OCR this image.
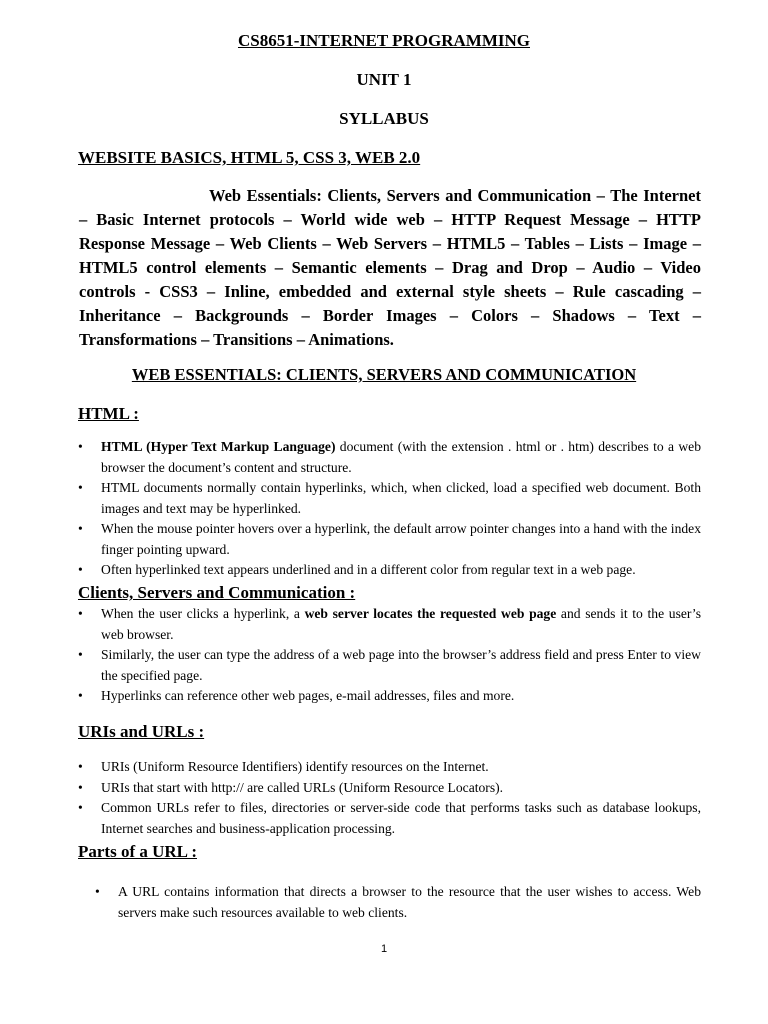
CS8651-INTERNET PROGRAMMING
UNIT 1
SYLLABUS
WEBSITE BASICS, HTML 5, CSS 3, WEB 2.0
Web Essentials: Clients, Servers and Communication – The Internet – Basic Internet protocols – World wide web – HTTP Request Message – HTTP Response Message – Web Clients – Web Servers – HTML5 – Tables – Lists – Image – HTML5 control elements – Semantic elements – Drag and Drop – Audio – Video controls - CSS3 – Inline, embedded and external style sheets – Rule cascading – Inheritance – Backgrounds – Border Images – Colors – Shadows – Text – Transformations – Transitions – Animations.
WEB ESSENTIALS: CLIENTS, SERVERS AND COMMUNICATION
HTML :
• HTML (Hyper Text Markup Language) document (with the extension . html or . htm) describes to a web browser the document’s content and structure.
• HTML documents normally contain hyperlinks, which, when clicked, load a specified web document. Both images and text may be hyperlinked.
• When the mouse pointer hovers over a hyperlink, the default arrow pointer changes into a hand with the index finger pointing upward.
• Often hyperlinked text appears underlined and in a different color from regular text in a web page.
Clients, Servers and Communication :
• When the user clicks a hyperlink, a web server locates the requested web page and sends it to the user’s web browser.
• Similarly, the user can type the address of a web page into the browser’s address field and press Enter to view the specified page.
• Hyperlinks can reference other web pages, e-mail addresses, files and more.
URIs and URLs :
• URIs (Uniform Resource Identifiers) identify resources on the Internet.
• URIs that start with http:// are called URLs (Uniform Resource Locators).
• Common URLs refer to files, directories or server-side code that performs tasks such as database lookups, Internet searches and business-application processing.
Parts of a URL :
• A URL contains information that directs a browser to the resource that the user wishes to access. Web servers make such resources available to web clients.
1
